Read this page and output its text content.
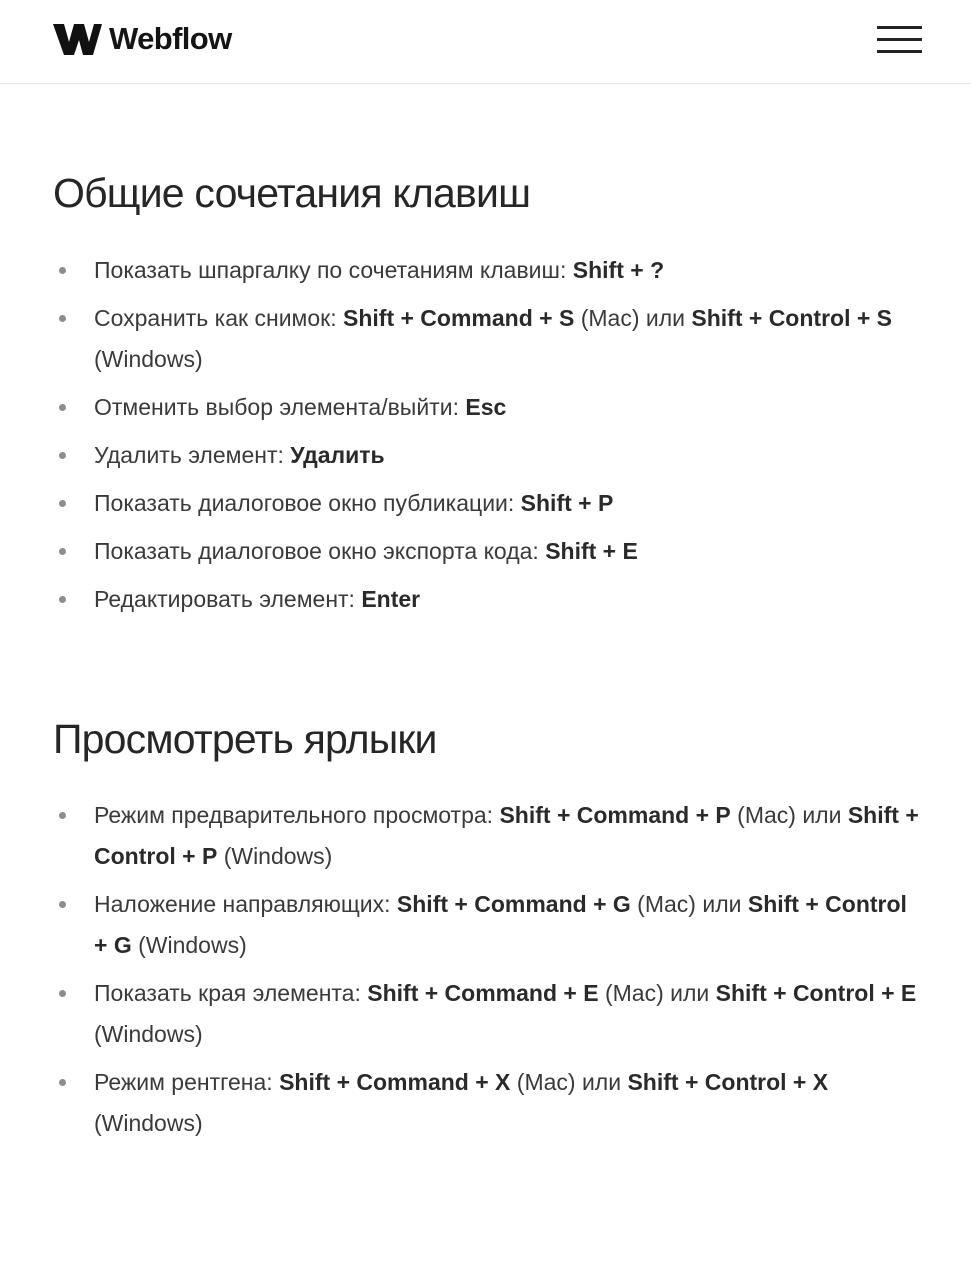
Webflow
Общие сочетания клавиш
Показать шпаргалку по сочетаниям клавиш: Shift + ?
Сохранить как снимок: Shift + Command + S (Mac) или Shift + Control + S (Windows)
Отменить выбор элемента/выйти: Esc
Удалить элемент: Удалить
Показать диалоговое окно публикации: Shift + P
Показать диалоговое окно экспорта кода: Shift + E
Редактировать элемент: Enter
Просмотреть ярлыки
Режим предварительного просмотра: Shift + Command + P (Mac) или Shift + Control + P (Windows)
Наложение направляющих: Shift + Command + G (Mac) или Shift + Control + G (Windows)
Показать края элемента: Shift + Command + E (Mac) или Shift + Control + E (Windows)
Режим рентгена: Shift + Command + X (Mac) или Shift + Control + X (Windows)
